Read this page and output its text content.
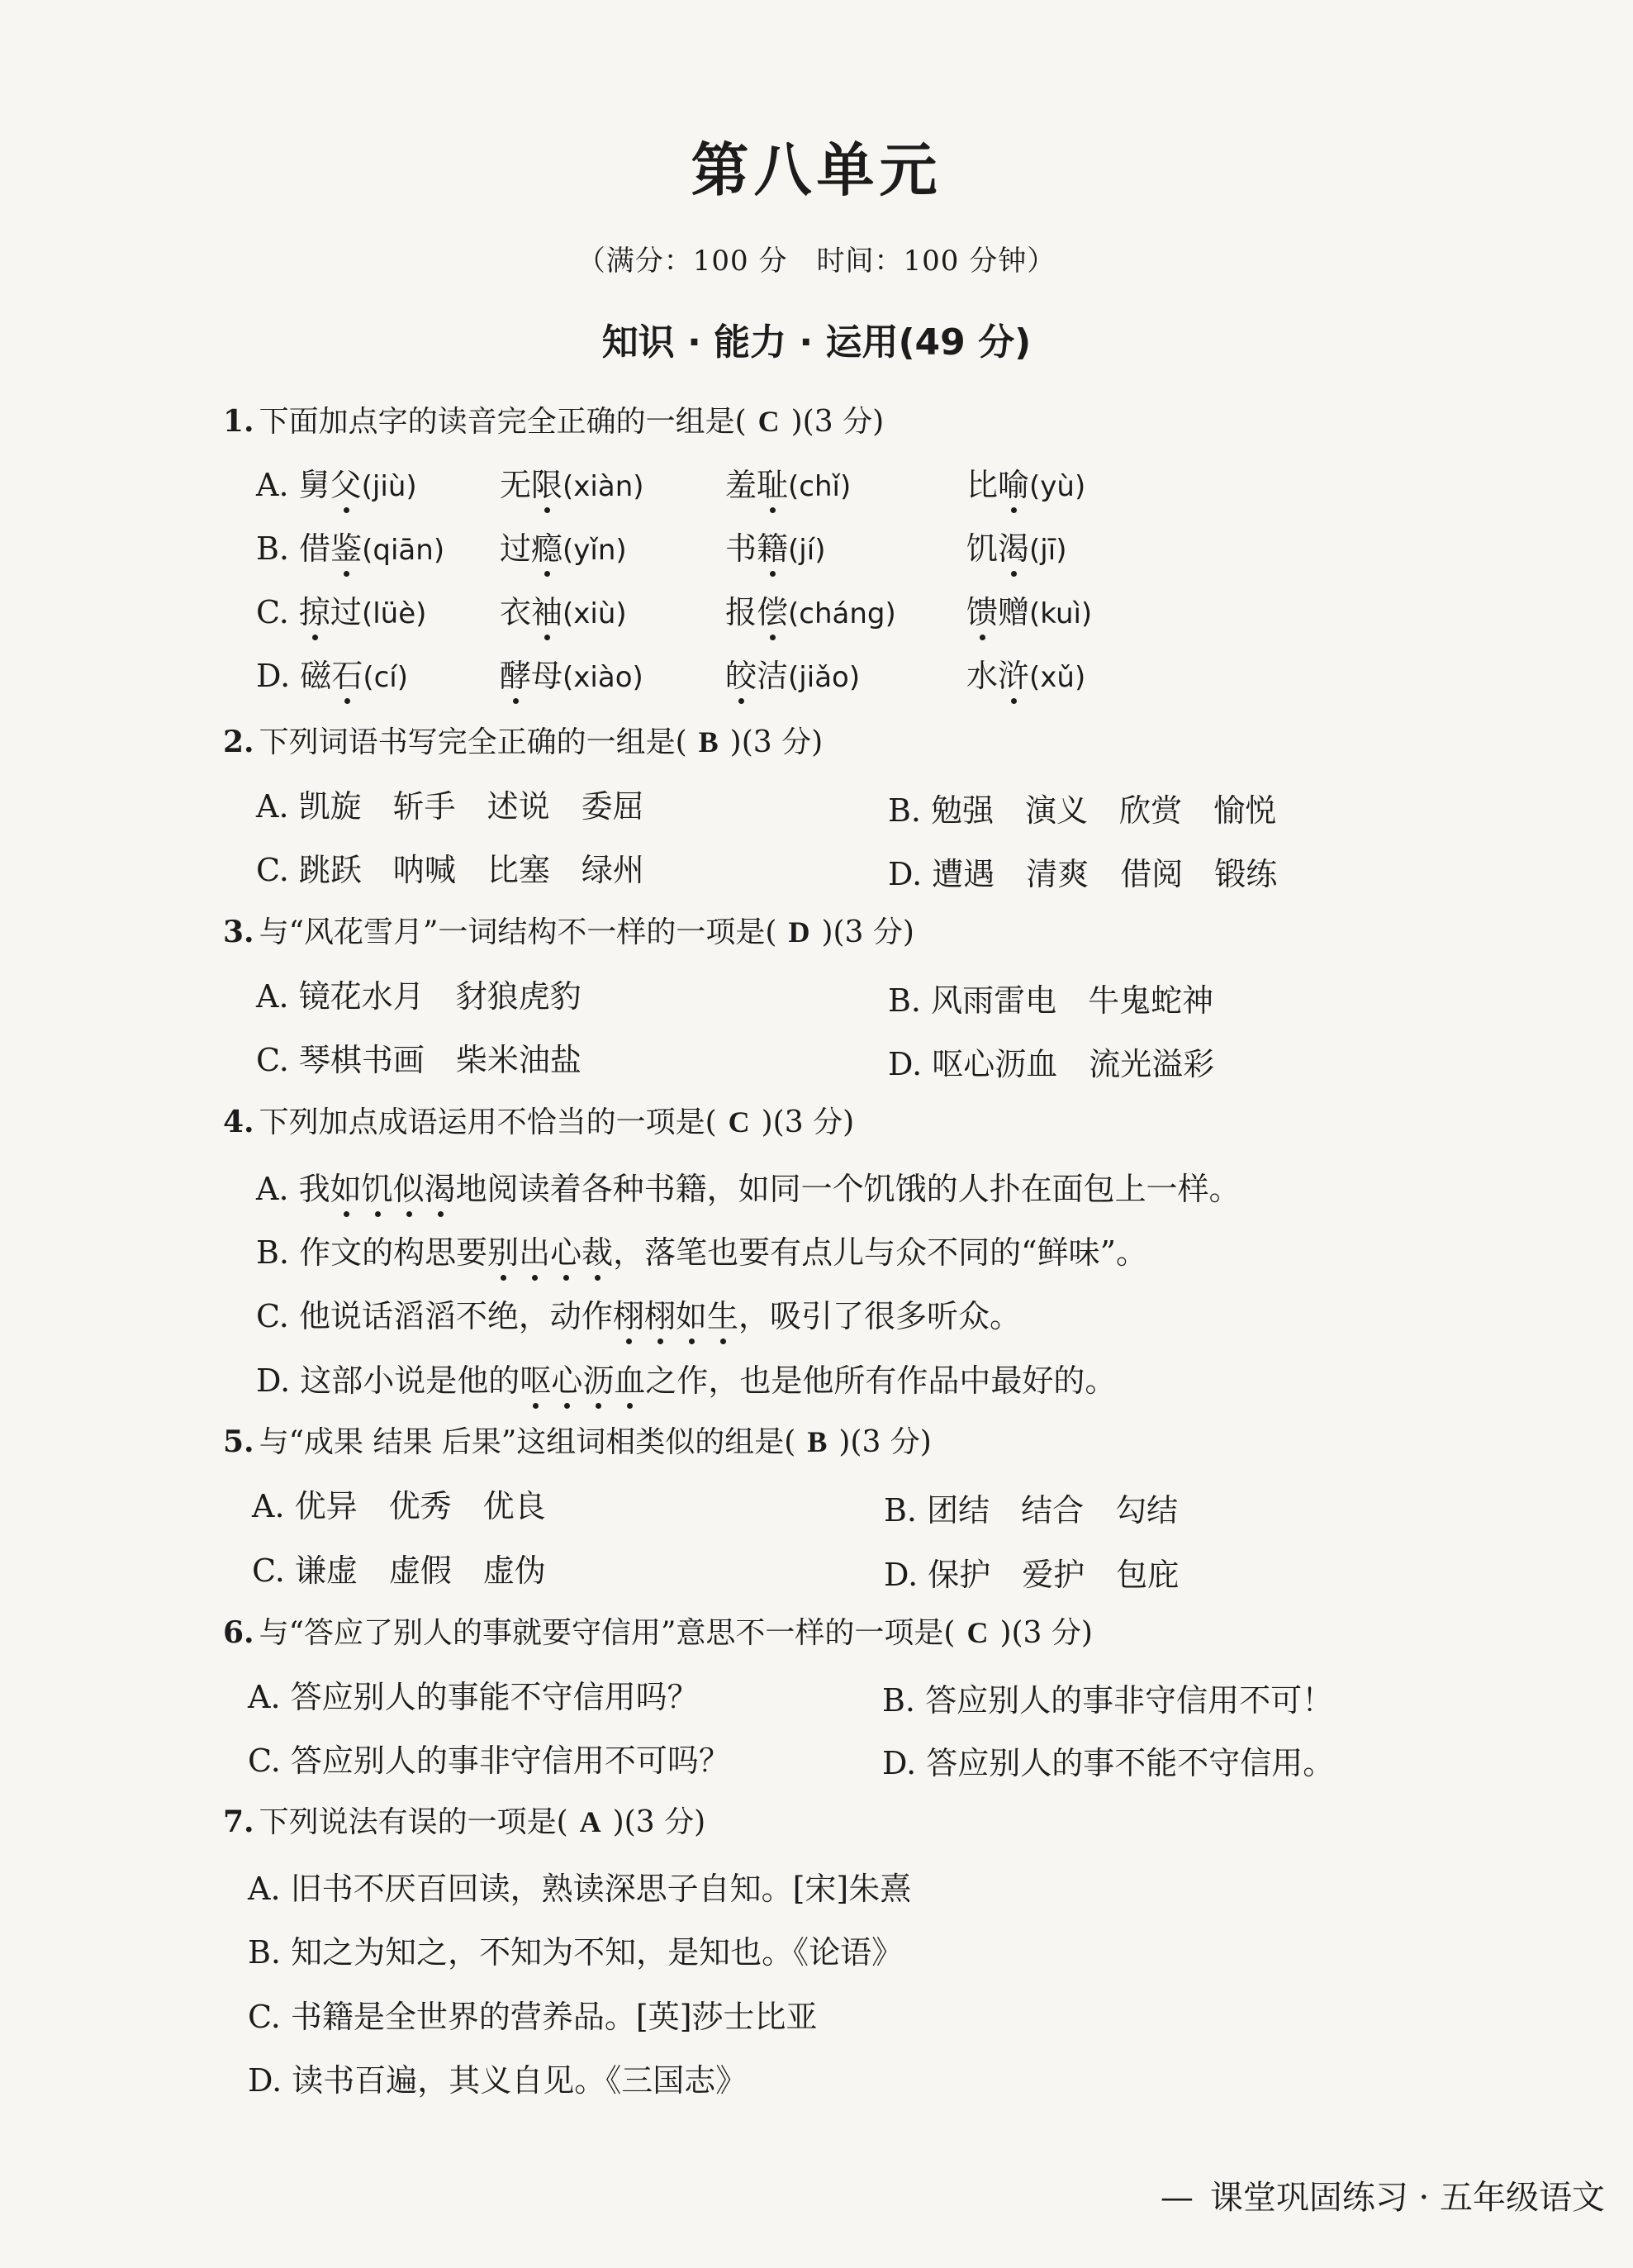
第八单元
（满分：100 分　时间：100 分钟）
知识 · 能力 · 运用(49 分)
1. 下面加点字的读音完全正确的一组是( C )(3 分)
A. 舅父(jiù)	无限(xiàn)	羞耻(chǐ)	比喻(yù)
B. 借鉴(qiān) 过瘾(yǐn)	书籍(jí)	饥渴(jī)
C. 掠过(lüè) 衣袖(xiù)	报偿(cháng) 馈赠(kuì)
D. 磁石(cí)	酵母(xiào)	皎洁(jiǎo)	水浒(xǔ)
2. 下列词语书写完全正确的一组是( B )(3 分)
A. 凯旋　斩手　述说　委屈	B. 勉强　演义　欣赏　愉悦
C. 跳跃　呐喊　比塞　绿州	D. 遭遇　清爽　借阅　锻练
3. 与“风花雪月”一词结构不一样的一项是( D )(3 分)
A. 镜花水月　豺狼虎豹	B. 风雨雷电　牛鬼蛇神
C. 琴棋书画　柴米油盐	D. 呕心沥血　流光溢彩
4. 下列加点成语运用不恰当的一项是( C )(3 分)
A. 我如饥似渴地阅读着各种书籍，如同一个饥饿的人扑在面包上一样。
B. 作文的构思要别出心裁，落笔也要有点儿与众不同的“鲜味”。
C. 他说话滔滔不绝，动作栩栩如生，吸引了很多听众。
D. 这部小说是他的呕心沥血之作，也是他所有作品中最好的。
5. 与“成果 结果 后果”这组词相类似的组是( B )(3 分)
A. 优异　优秀　优良	B. 团结　结合　勾结
C. 谦虚　虚假　虚伪	D. 保护　爱护　包庇
6. 与“答应了别人的事就要守信用”意思不一样的一项是( C )(3 分)
A. 答应别人的事能不守信用吗？	B. 答应别人的事非守信用不可！
C. 答应别人的事非守信用不可吗？	D. 答应别人的事不能不守信用。
7. 下列说法有误的一项是( A )(3 分)
A. 旧书不厌百回读，熟读深思子自知。[宋]朱熹
B. 知之为知之，不知为不知，是知也。《论语》
C. 书籍是全世界的营养品。[英]莎士比亚
D. 读书百遍，其义自见。《三国志》
— 课堂巩固练习 · 五年级语文
